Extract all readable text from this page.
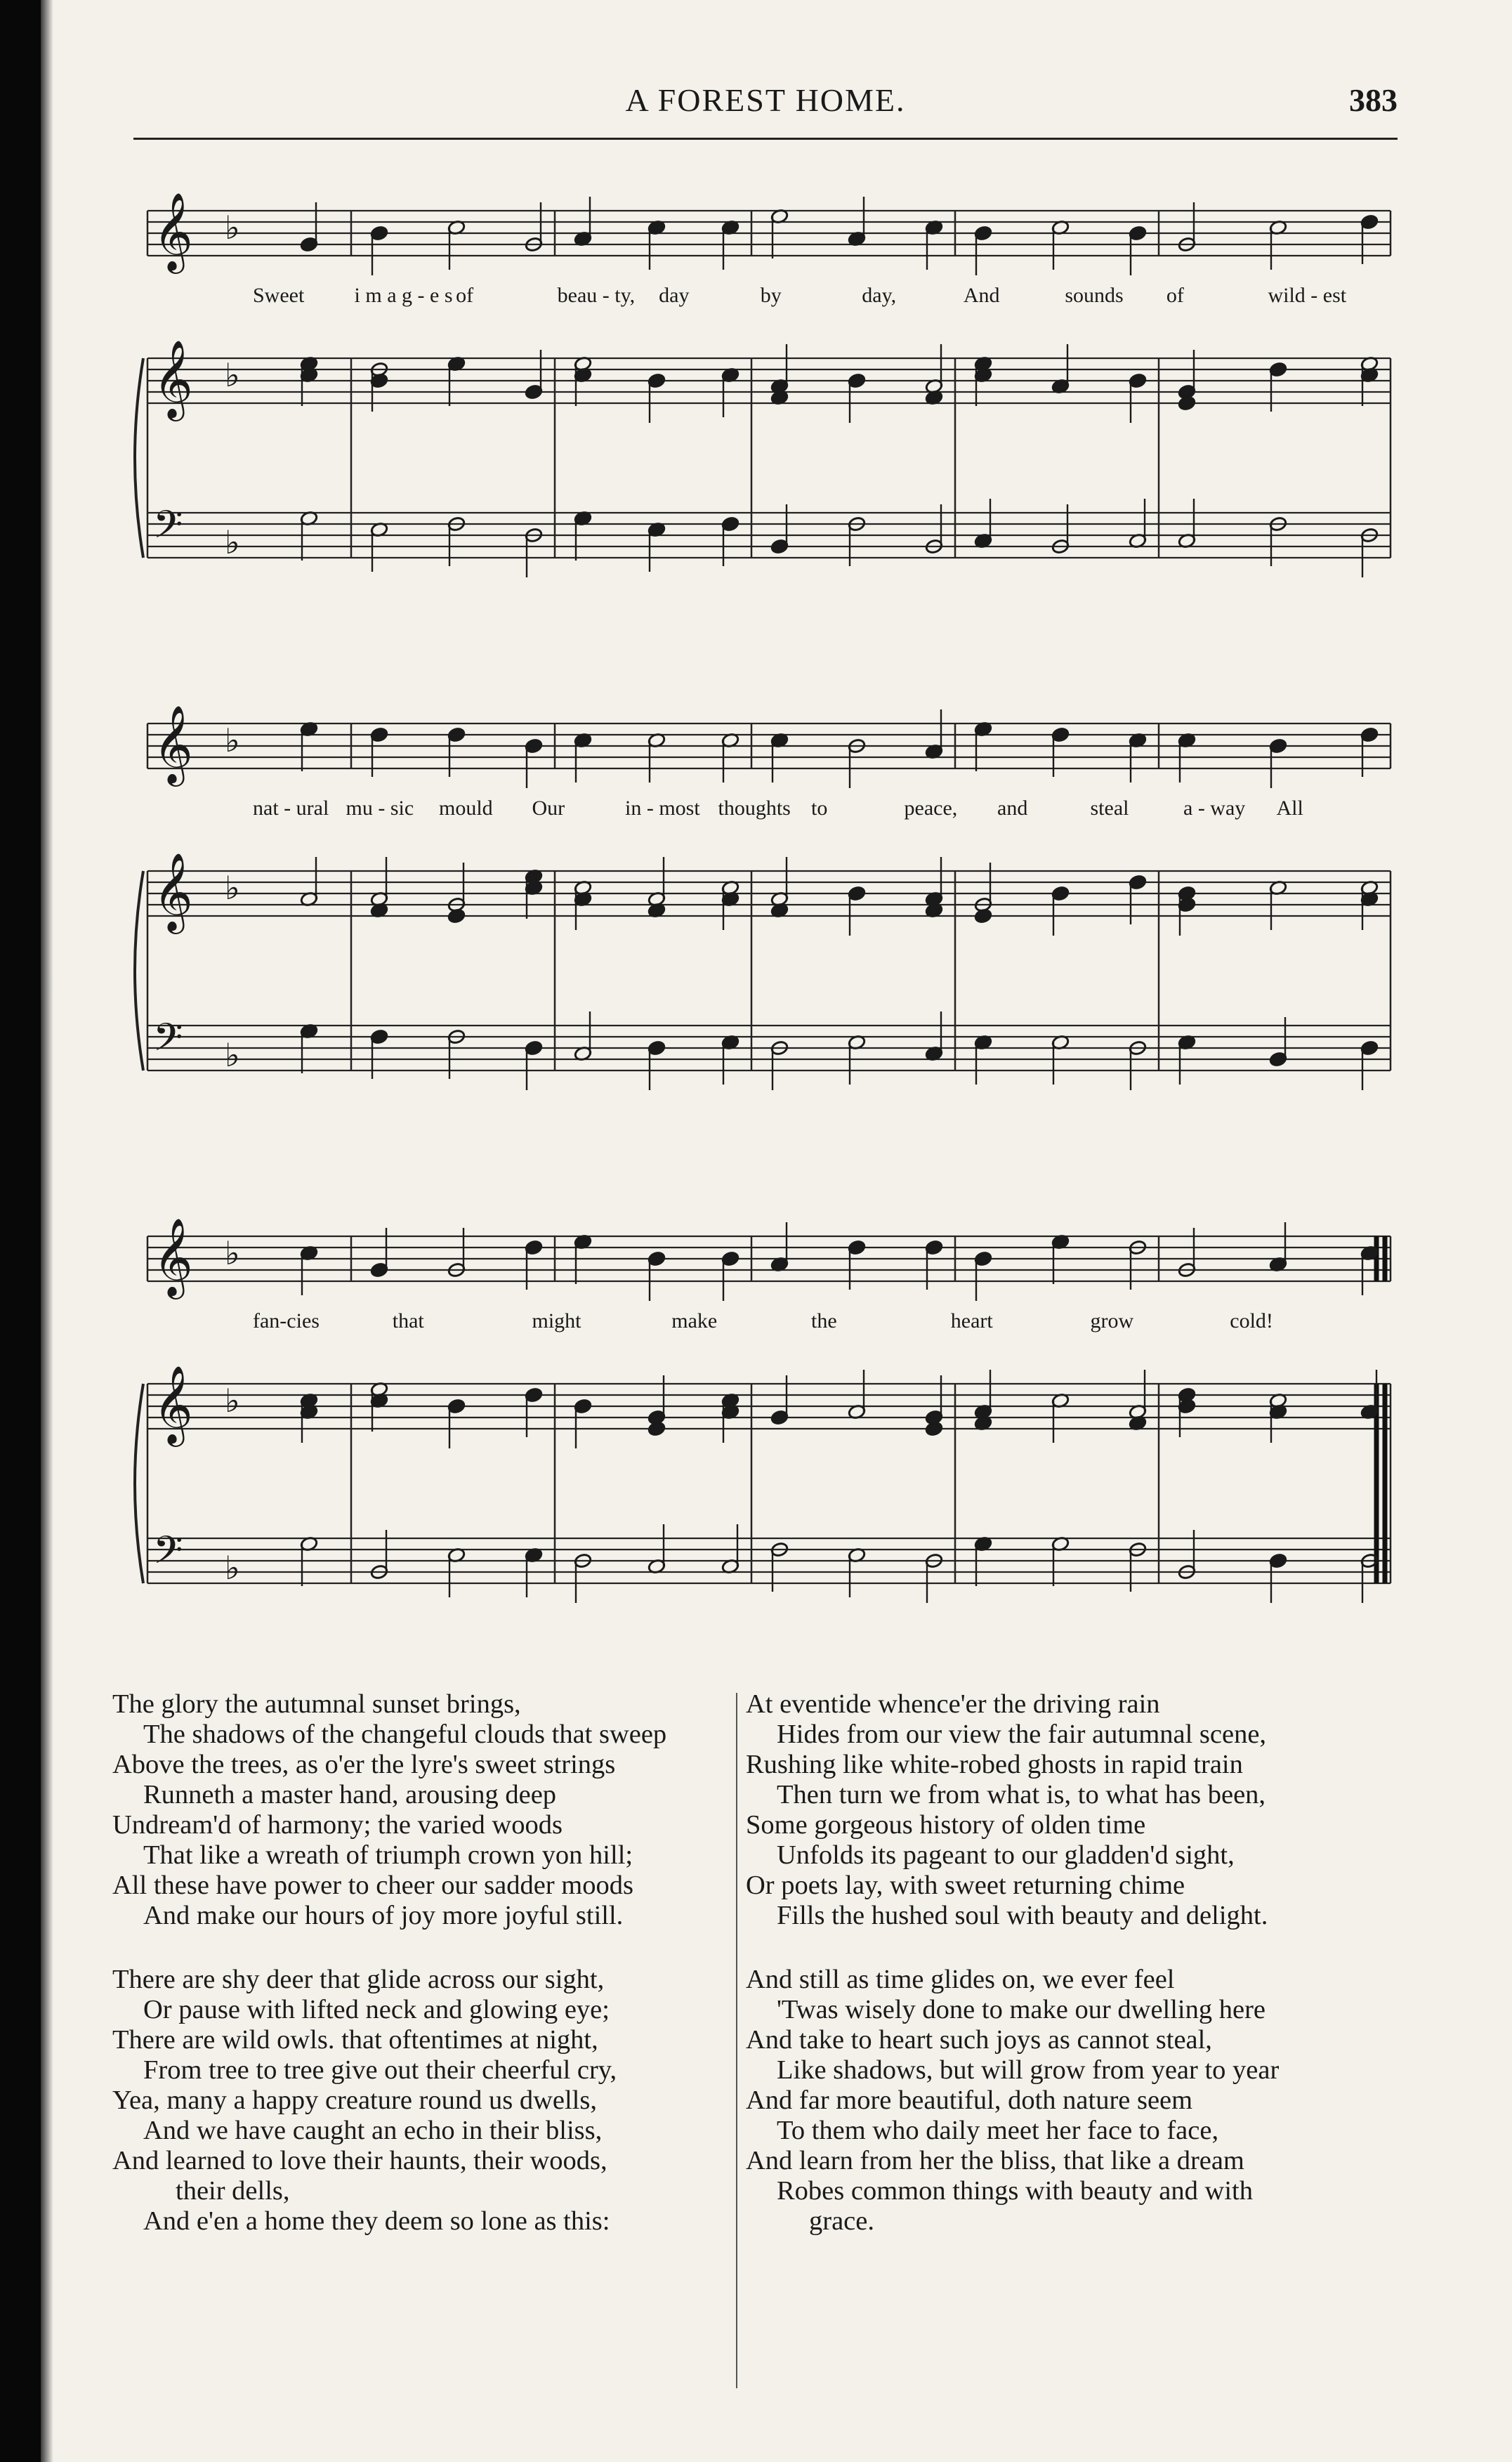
A FOREST HOME.	383
𝄞 ♭
𝄞 ♭
𝄢 ♭
Sweet i m a g - e s of	beau - ty, day	by	day,	And	sounds of	wild - est
𝄞 ♭
𝄞 ♭
𝄢 ♭
nat - ural mu - sic mould Our	in - most thoughts to	peace, and	steal	a - way All
𝄞 ♭
𝄞 ♭
𝄢 ♭
fan-cies	that	might	make	the	heart	grow	cold!
The glory the autumnal sunset brings,
The shadows of the changeful clouds that sweep
Above the trees, as o'er the lyre's sweet strings
Runneth a master hand, arousing deep
Undream'd of harmony; the varied woods
That like a wreath of triumph crown yon hill;
All these have power to cheer our sadder moods
And make our hours of joy more joyful still.
There are shy deer that glide across our sight,
Or pause with lifted neck and glowing eye;
There are wild owls. that oftentimes at night,
From tree to tree give out their cheerful cry,
Yea, many a happy creature round us dwells,
And we have caught an echo in their bliss,
And learned to love their haunts, their woods,
their dells,
And e'en a home they deem so lone as this:
At eventide whence'er the driving rain
Hides from our view the fair autumnal scene,
Rushing like white-robed ghosts in rapid train
Then turn we from what is, to what has been,
Some gorgeous history of olden time
Unfolds its pageant to our gladden'd sight,
Or poets lay, with sweet returning chime
Fills the hushed soul with beauty and delight.
And still as time glides on, we ever feel
'Twas wisely done to make our dwelling here
And take to heart such joys as cannot steal,
Like shadows, but will grow from year to year
And far more beautiful, doth nature seem
To them who daily meet her face to face,
And learn from her the bliss, that like a dream
Robes common things with beauty and with
grace.
